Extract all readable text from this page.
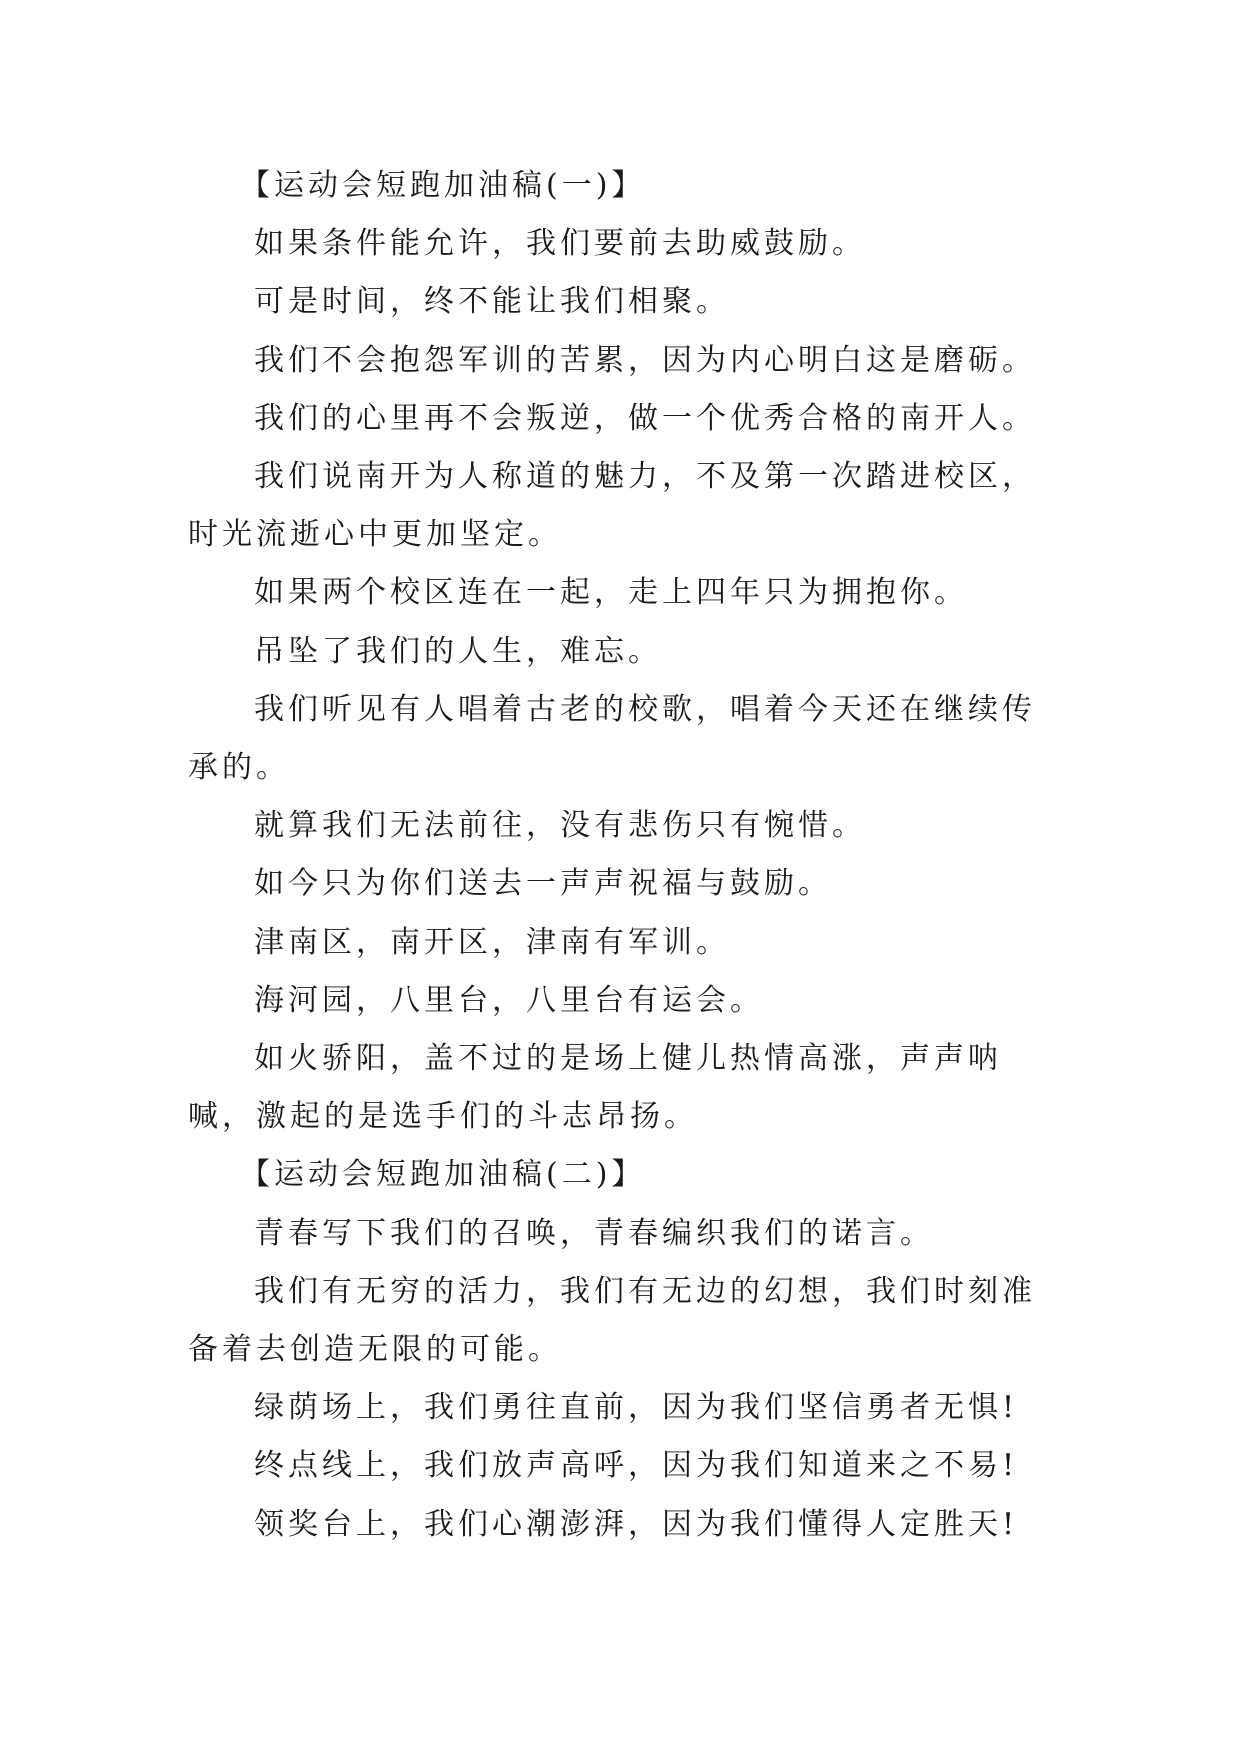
【运动会短跑加油稿(一)】

如果条件能允许，我们要前去助威鼓励。

可是时间，终不能让我们相聚。

我们不会抱怨军训的苦累，因为内心明白这是磨砺。

我们的心里再不会叛逆，做一个优秀合格的南开人。

我们说南开为人称道的魅力，不及第一次踏进校区，时光流逝心中更加坚定。

如果两个校区连在一起，走上四年只为拥抱你。

吊坠了我们的人生，难忘。

我们听见有人唱着古老的校歌，唱着今天还在继续传承的。

就算我们无法前往，没有悲伤只有惋惜。

如今只为你们送去一声声祝福与鼓励。

津南区，南开区，津南有军训。

海河园，八里台，八里台有运会。

如火骄阳，盖不过的是场上健儿热情高涨，声声呐喊，激起的是选手们的斗志昂扬。

【运动会短跑加油稿(二)】

青春写下我们的召唤，青春编织我们的诺言。

我们有无穷的活力，我们有无边的幻想，我们时刻准备着去创造无限的可能。

绿荫场上，我们勇往直前，因为我们坚信勇者无惧!

终点线上，我们放声高呼，因为我们知道来之不易!

领奖台上，我们心潮澎湃，因为我们懂得人定胜天!
